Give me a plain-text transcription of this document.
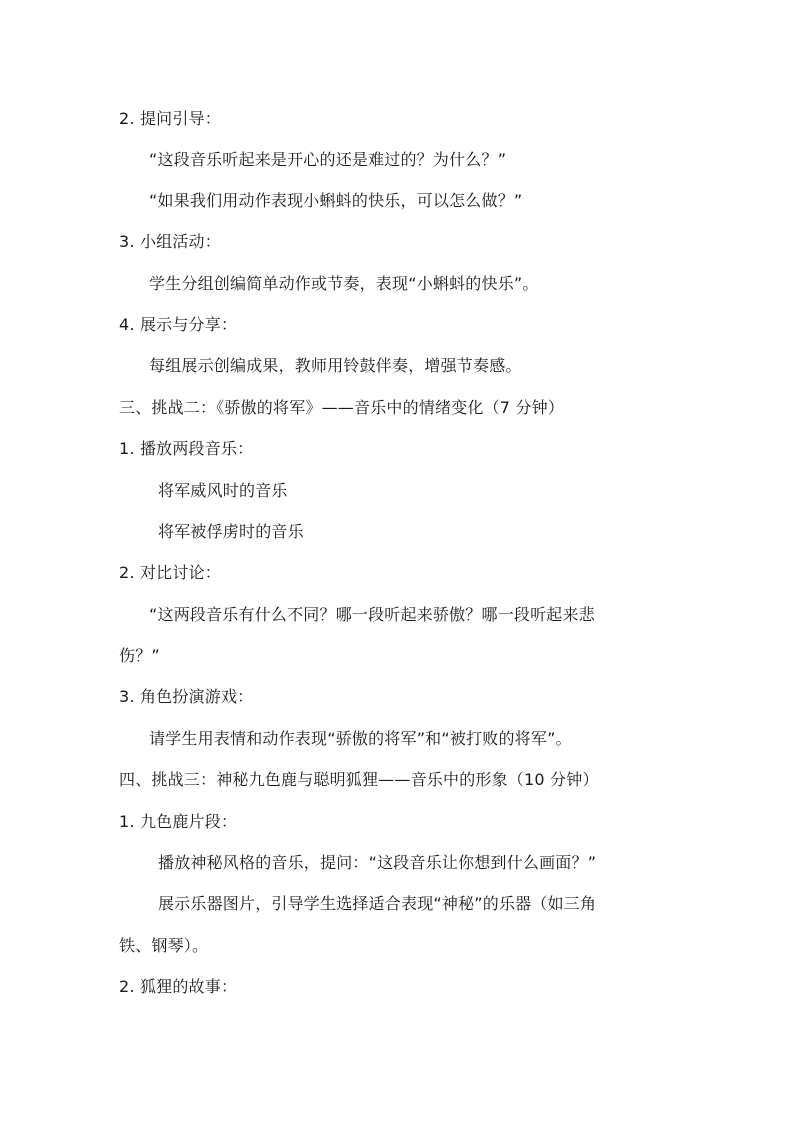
2. 提问引导：
“这段音乐听起来是开心的还是难过的？为什么？”
“如果我们用动作表现小蝌蚪的快乐，可以怎么做？”
3. 小组活动：
学生分组创编简单动作或节奏，表现“小蝌蚪的快乐”。
4. 展示与分享：
每组展示创编成果，教师用铃鼓伴奏，增强节奏感。
三、挑战二：《骄傲的将军》——音乐中的情绪变化（7 分钟）
1. 播放两段音乐：
将军威风时的音乐
将军被俘虏时的音乐
2. 对比讨论：
“这两段音乐有什么不同？哪一段听起来骄傲？哪一段听起来悲
伤？”
3. 角色扮演游戏：
请学生用表情和动作表现“骄傲的将军”和“被打败的将军”。
四、挑战三：神秘九色鹿与聪明狐狸——音乐中的形象（10 分钟）
1. 九色鹿片段：
播放神秘风格的音乐，提问：“这段音乐让你想到什么画面？”
展示乐器图片，引导学生选择适合表现“神秘”的乐器（如三角
铁、钢琴）。
2. 狐狸的故事：
